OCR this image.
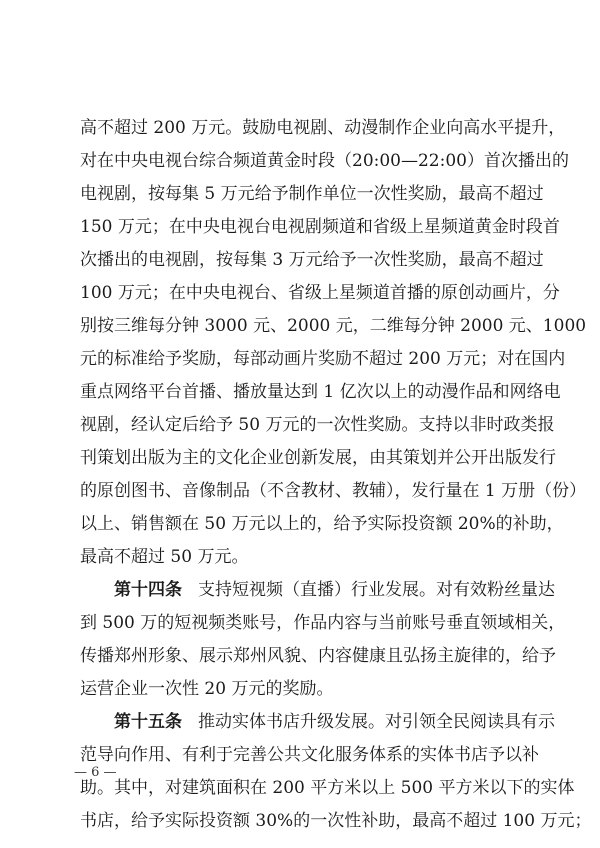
高不超过 200 万元。鼓励电视剧、动漫制作企业向高水平提升，
对在中央电视台综合频道黄金时段（20:00—22:00）首次播出的
电视剧，按每集 5 万元给予制作单位一次性奖励，最高不超过
150 万元；在中央电视台电视剧频道和省级上星频道黄金时段首
次播出的电视剧，按每集 3 万元给予一次性奖励，最高不超过
100 万元；在中央电视台、省级上星频道首播的原创动画片，分
别按三维每分钟 3000 元、2000 元，二维每分钟 2000 元、1000
元的标准给予奖励，每部动画片奖励不超过 200 万元；对在国内
重点网络平台首播、播放量达到 1 亿次以上的动漫作品和网络电
视剧，经认定后给予 50 万元的一次性奖励。支持以非时政类报
刊策划出版为主的文化企业创新发展，由其策划并公开出版发行
的原创图书、音像制品（不含教材、教辅），发行量在 1 万册（份）
以上、销售额在 50 万元以上的，给予实际投资额 20%的补助，
最高不超过 50 万元。
第十四条 支持短视频（直播）行业发展。对有效粉丝量达
到 500 万的短视频类账号，作品内容与当前账号垂直领域相关，
传播郑州形象、展示郑州风貌、内容健康且弘扬主旋律的，给予
运营企业一次性 20 万元的奖励。
第十五条 推动实体书店升级发展。对引领全民阅读具有示
范导向作用、有利于完善公共文化服务体系的实体书店予以补
助。其中，对建筑面积在 200 平方米以上 500 平方米以下的实体
书店，给予实际投资额 30%的一次性补助，最高不超过 100 万元；
— 6 —
